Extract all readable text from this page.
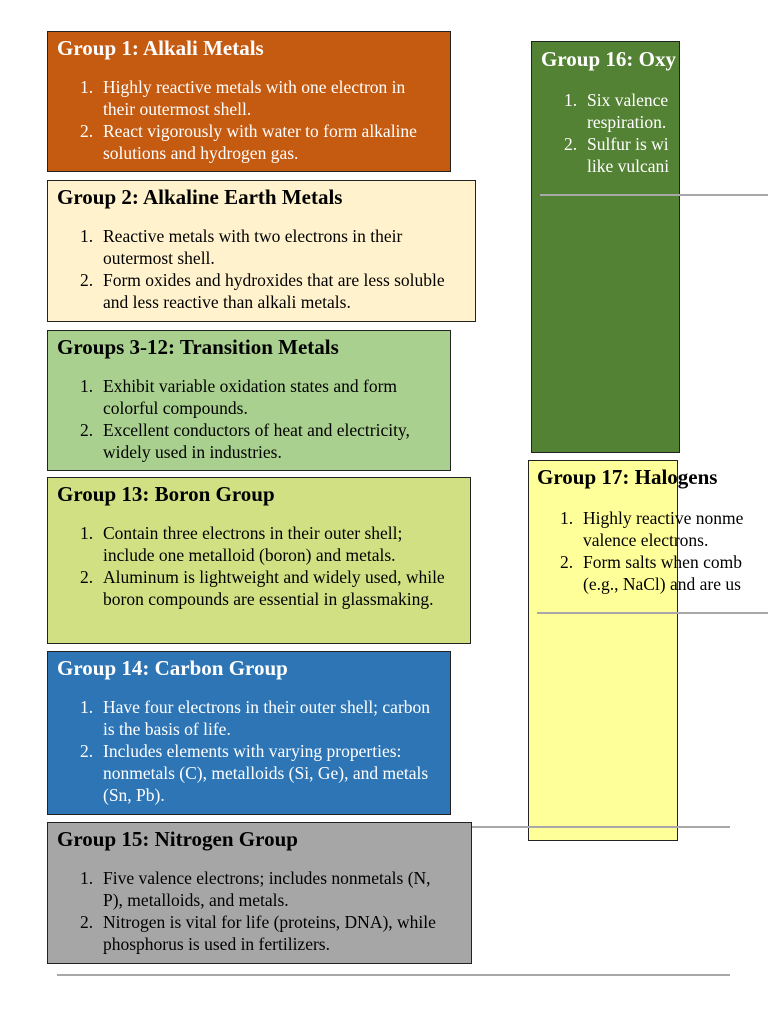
Group 1: Alkali Metals
1. Highly reactive metals with one electron in their outermost shell.
2. React vigorously with water to form alkaline solutions and hydrogen gas.
Group 2: Alkaline Earth Metals
1. Reactive metals with two electrons in their outermost shell.
2. Form oxides and hydroxides that are less soluble and less reactive than alkali metals.
Groups 3-12: Transition Metals
1. Exhibit variable oxidation states and form colorful compounds.
2. Excellent conductors of heat and electricity, widely used in industries.
Group 13: Boron Group
1. Contain three electrons in their outer shell; include one metalloid (boron) and metals.
2. Aluminum is lightweight and widely used, while boron compounds are essential in glassmaking.
Group 14: Carbon Group
1. Have four electrons in their outer shell; carbon is the basis of life.
2. Includes elements with varying properties: nonmetals (C), metalloids (Si, Ge), and metals (Sn, Pb).
Group 15: Nitrogen Group
1. Five valence electrons; includes nonmetals (N, P), metalloids, and metals.
2. Nitrogen is vital for life (proteins, DNA), while phosphorus is used in fertilizers.
Group 16: Oxy
1. Six valence
respiration.
2. Sulfur is wi
like vulcani
Group 17: Halogens
1. Highly reactive nonme
valence electrons.
2. Form salts when comb
(e.g., NaCl) and are us
